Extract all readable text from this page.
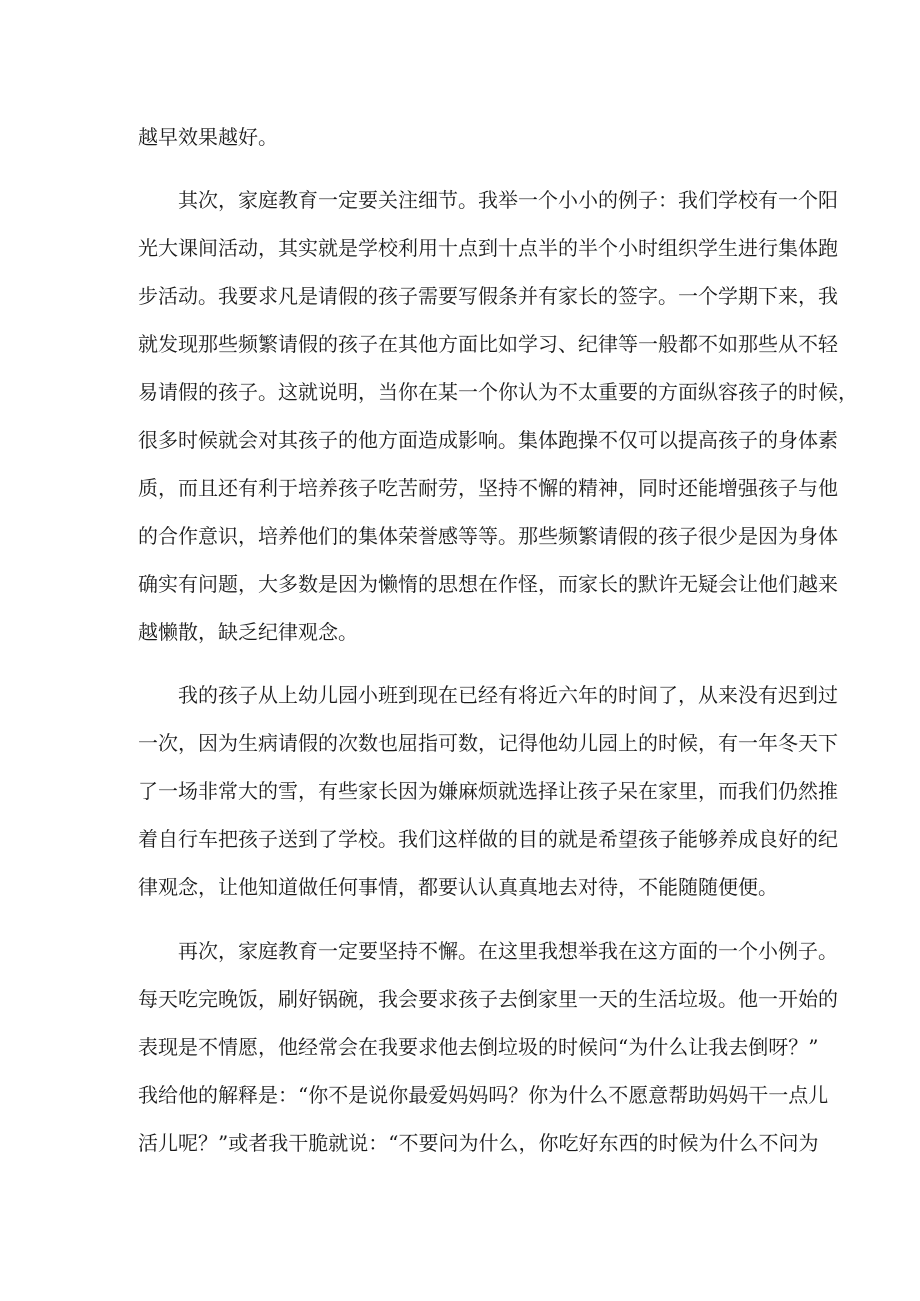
越早效果越好。
其次，家庭教育一定要关注细节。我举一个小小的例子：我们学校有一个阳
光大课间活动，其实就是学校利用十点到十点半的半个小时组织学生进行集体跑
步活动。我要求凡是请假的孩子需要写假条并有家长的签字。一个学期下来，我
就发现那些频繁请假的孩子在其他方面比如学习、纪律等一般都不如那些从不轻
易请假的孩子。这就说明，当你在某一个你认为不太重要的方面纵容孩子的时候，
很多时候就会对其孩子的他方面造成影响。集体跑操不仅可以提高孩子的身体素
质，而且还有利于培养孩子吃苦耐劳，坚持不懈的精神，同时还能增强孩子与他
的合作意识，培养他们的集体荣誉感等等。那些频繁请假的孩子很少是因为身体
确实有问题，大多数是因为懒惰的思想在作怪，而家长的默许无疑会让他们越来
越懒散，缺乏纪律观念。
我的孩子从上幼儿园小班到现在已经有将近六年的时间了，从来没有迟到过
一次，因为生病请假的次数也屈指可数，记得他幼儿园上的时候，有一年冬天下
了一场非常大的雪，有些家长因为嫌麻烦就选择让孩子呆在家里，而我们仍然推
着自行车把孩子送到了学校。我们这样做的目的就是希望孩子能够养成良好的纪
律观念，让他知道做任何事情，都要认认真真地去对待，不能随随便便。
再次，家庭教育一定要坚持不懈。在这里我想举我在这方面的一个小例子。
每天吃完晚饭，刷好锅碗，我会要求孩子去倒家里一天的生活垃圾。他一开始的
表现是不情愿，他经常会在我要求他去倒垃圾的时候问“为什么让我去倒呀？”
我给他的解释是：“你不是说你最爱妈妈吗？你为什么不愿意帮助妈妈干一点儿
活儿呢？”或者我干脆就说：“不要问为什么，你吃好东西的时候为什么不问为
